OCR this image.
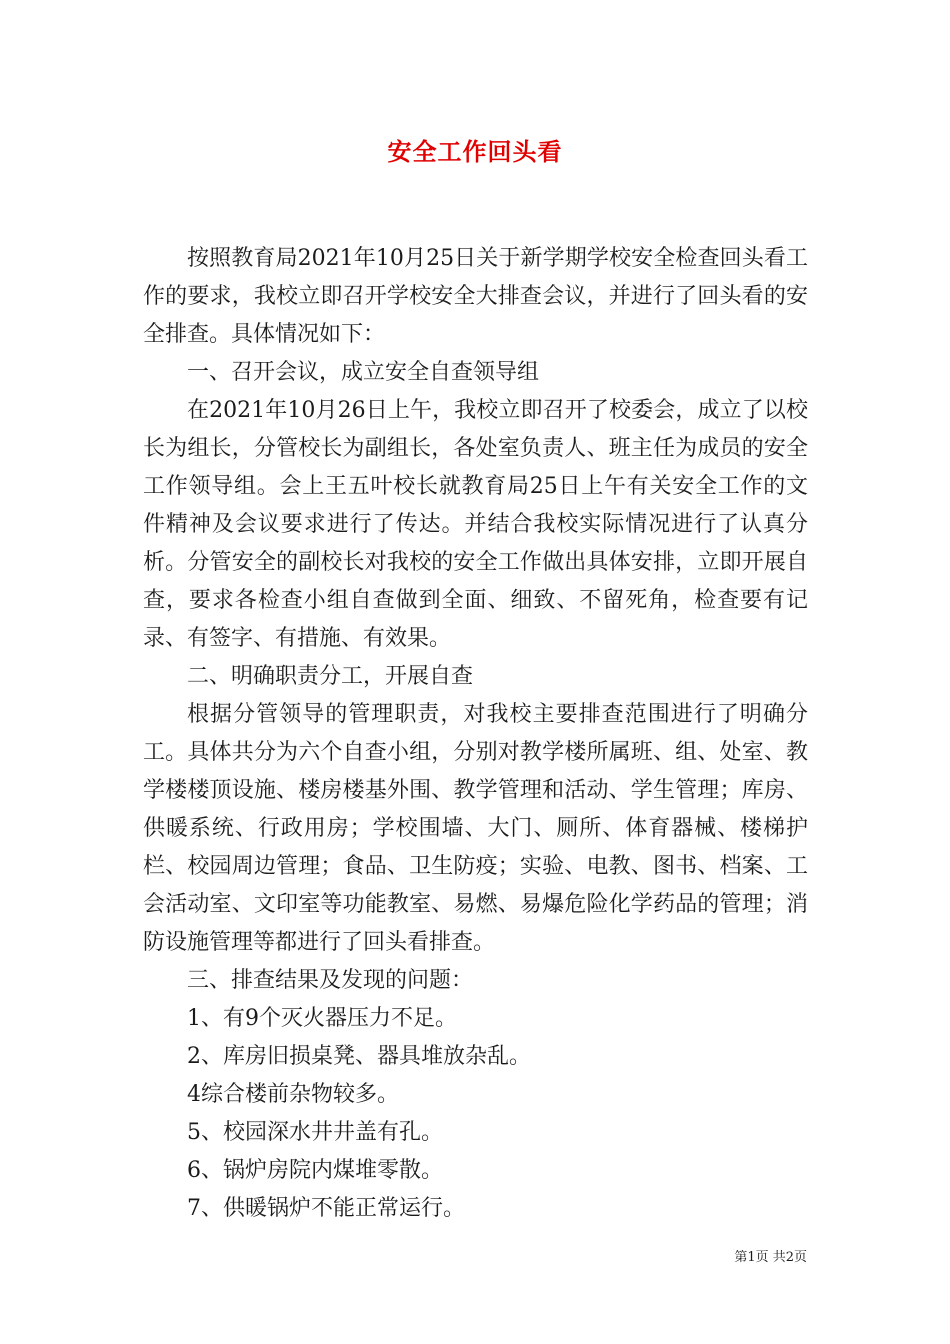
安全工作回头看

按照教育局2021年10月25日关于新学期学校安全检查回头看工作的要求，我校立即召开学校安全大排查会议，并进行了回头看的安全排查。具体情况如下：

一、召开会议，成立安全自查领导组

在2021年10月26日上午，我校立即召开了校委会，成立了以校长为组长，分管校长为副组长，各处室负责人、班主任为成员的安全工作领导组。会上王五叶校长就教育局25日上午有关安全工作的文件精神及会议要求进行了传达。并结合我校实际情况进行了认真分析。分管安全的副校长对我校的安全工作做出具体安排，立即开展自查，要求各检查小组自查做到全面、细致、不留死角，检查要有记录、有签字、有措施、有效果。

二、明确职责分工，开展自查

根据分管领导的管理职责，对我校主要排查范围进行了明确分工。具体共分为六个自查小组，分别对教学楼所属班、组、处室、教学楼楼顶设施、楼房楼基外围、教学管理和活动、学生管理；库房、供暖系统、行政用房；学校围墙、大门、厕所、体育器械、楼梯护栏、校园周边管理；食品、卫生防疫；实验、电教、图书、档案、工会活动室、文印室等功能教室、易燃、易爆危险化学药品的管理；消防设施管理等都进行了回头看排查。

三、排查结果及发现的问题：

1、有9个灭火器压力不足。

2、库房旧损桌凳、器具堆放杂乱。

4综合楼前杂物较多。

5、校园深水井井盖有孔。

6、锅炉房院内煤堆零散。

7、供暖锅炉不能正常运行。

第1页 共2页
